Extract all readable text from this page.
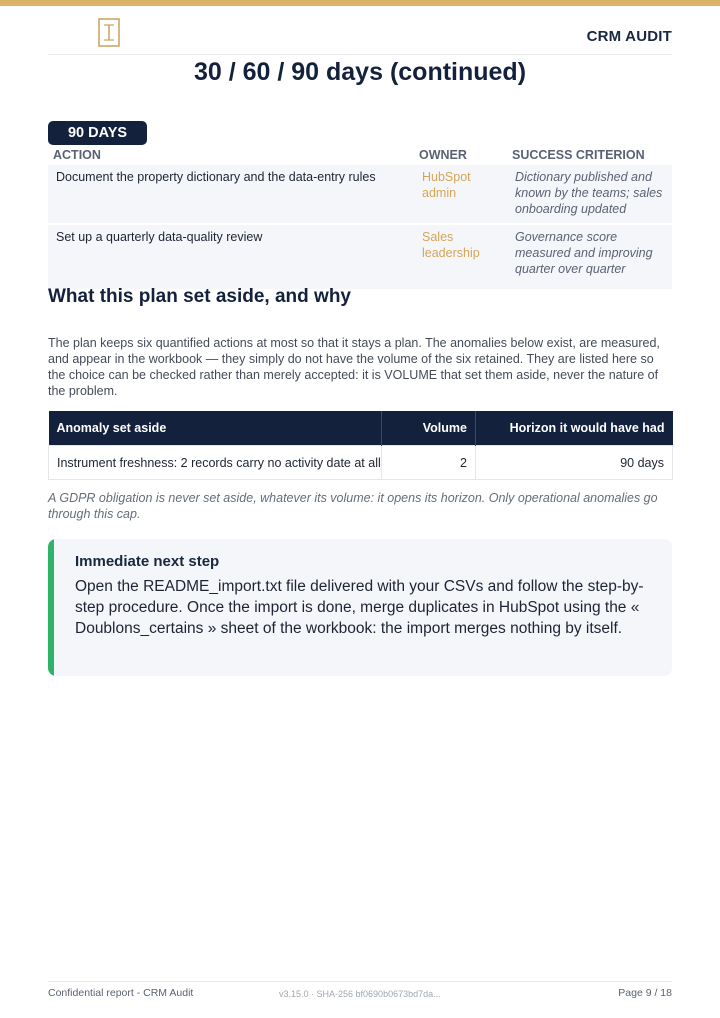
CRM AUDIT
30 / 60 / 90 days (continued)
90 DAYS
ACTION	OWNER	SUCCESS CRITERION
Document the property dictionary and the data-entry rules	HubSpot admin	Dictionary published and known by the teams; sales onboarding updated

Set up a quarterly data-quality review	Sales leadership	Governance score measured and improving quarter over quarter
What this plan set aside, and why

The plan keeps six quantified actions at most so that it stays a plan. The anomalies below exist, are measured, and appear in the workbook — they simply do not have the volume of the six retained. They are listed here so the choice can be checked rather than merely accepted: it is VOLUME that set them aside, never the nature of the problem.

Anomaly set aside	Volume	Horizon it would have had
Instrument freshness: 2 records carry no activity date at all	2	90 days

A GDPR obligation is never set aside, whatever its volume: it opens its horizon. Only operational anomalies go through this cap.

Immediate next step

Open the README_import.txt file delivered with your CSVs and follow the step-by-step procedure. Once the import is done, merge duplicates in HubSpot using the « Doublons_certains » sheet of the workbook: the import merges nothing by itself.

Confidential report - CRM Audit	v3.15.0 · SHA-256 bf0690b0673bd7da...	Page 9 / 18
